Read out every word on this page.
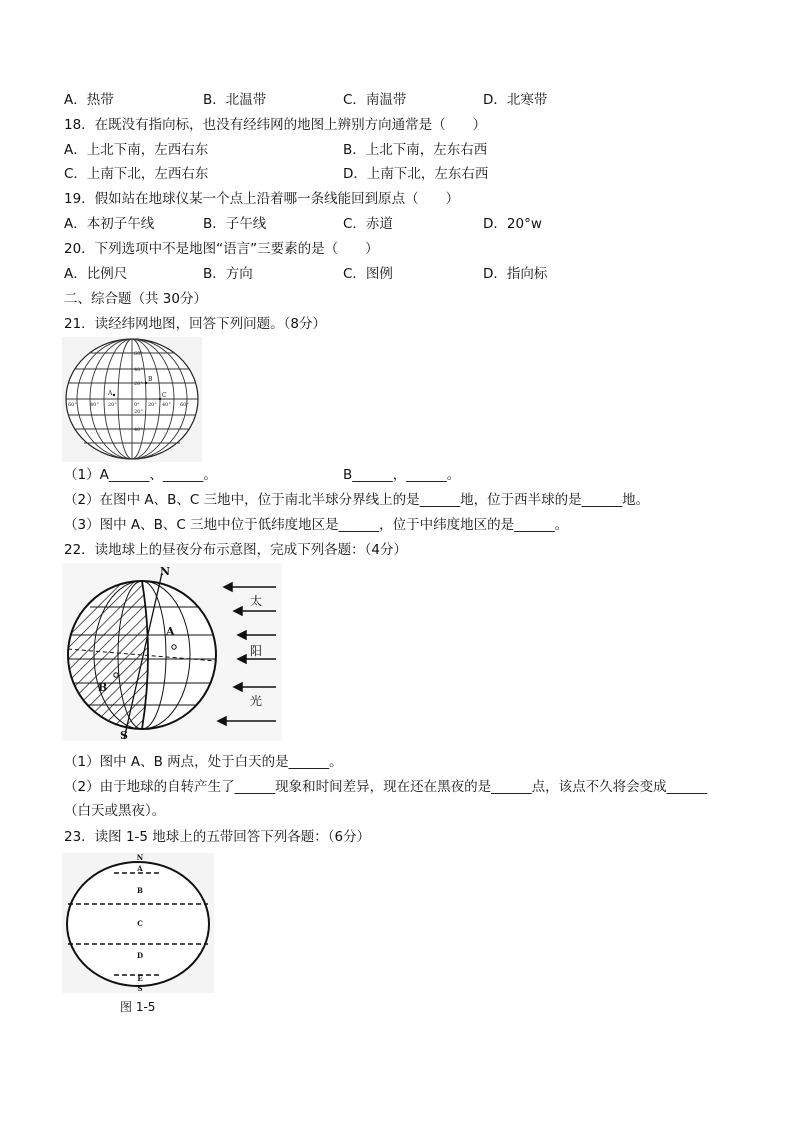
A．热带	B．北温带	C．南温带	D．北寒带
18．在既没有指向标，也没有经纬网的地图上辨别方向通常是（　　）
A．上北下南，左西右东	B．上北下南，左东右西
C．上南下北，左西右东	D．上南下北，左东右西
19．假如站在地球仪某一个点上沿着哪一条线能回到原点（　　）
A．本初子午线	B．子午线	C．赤道	D．20°w
20．下列选项中不是地图“语言”三要素的是（　　）
A．比例尺	B．方向	C．图例	D．指向标
二、综合题（共 30分）
21．读经纬网地图，回答下列问题。（8分）
60°
40°
20°
20°
40°
60°	40° 20°	0° 20° 40° 60°
A
B
C
（1）A______、______。	B______，______。
（2）在图中 A、B、C 三地中，位于南北半球分界线上的是______地，位于西半球的是______地。
（3）图中 A、B、C 三地中位于低纬度地区是______，位于中纬度地区的是______。
22．读地球上的昼夜分布示意图，完成下列各题：（4分）
N
S
A
B
太
阳
光
（1）图中 A、B 两点，处于白天的是______。
（2）由于地球的自转产生了______现象和时间差异，现在还在黑夜的是______点，该点不久将会变成______
（白天或黑夜）。
23．读图 1-5 地球上的五带回答下列各题：（6分）
N
A
B
C
D
E
S
图 1-5
